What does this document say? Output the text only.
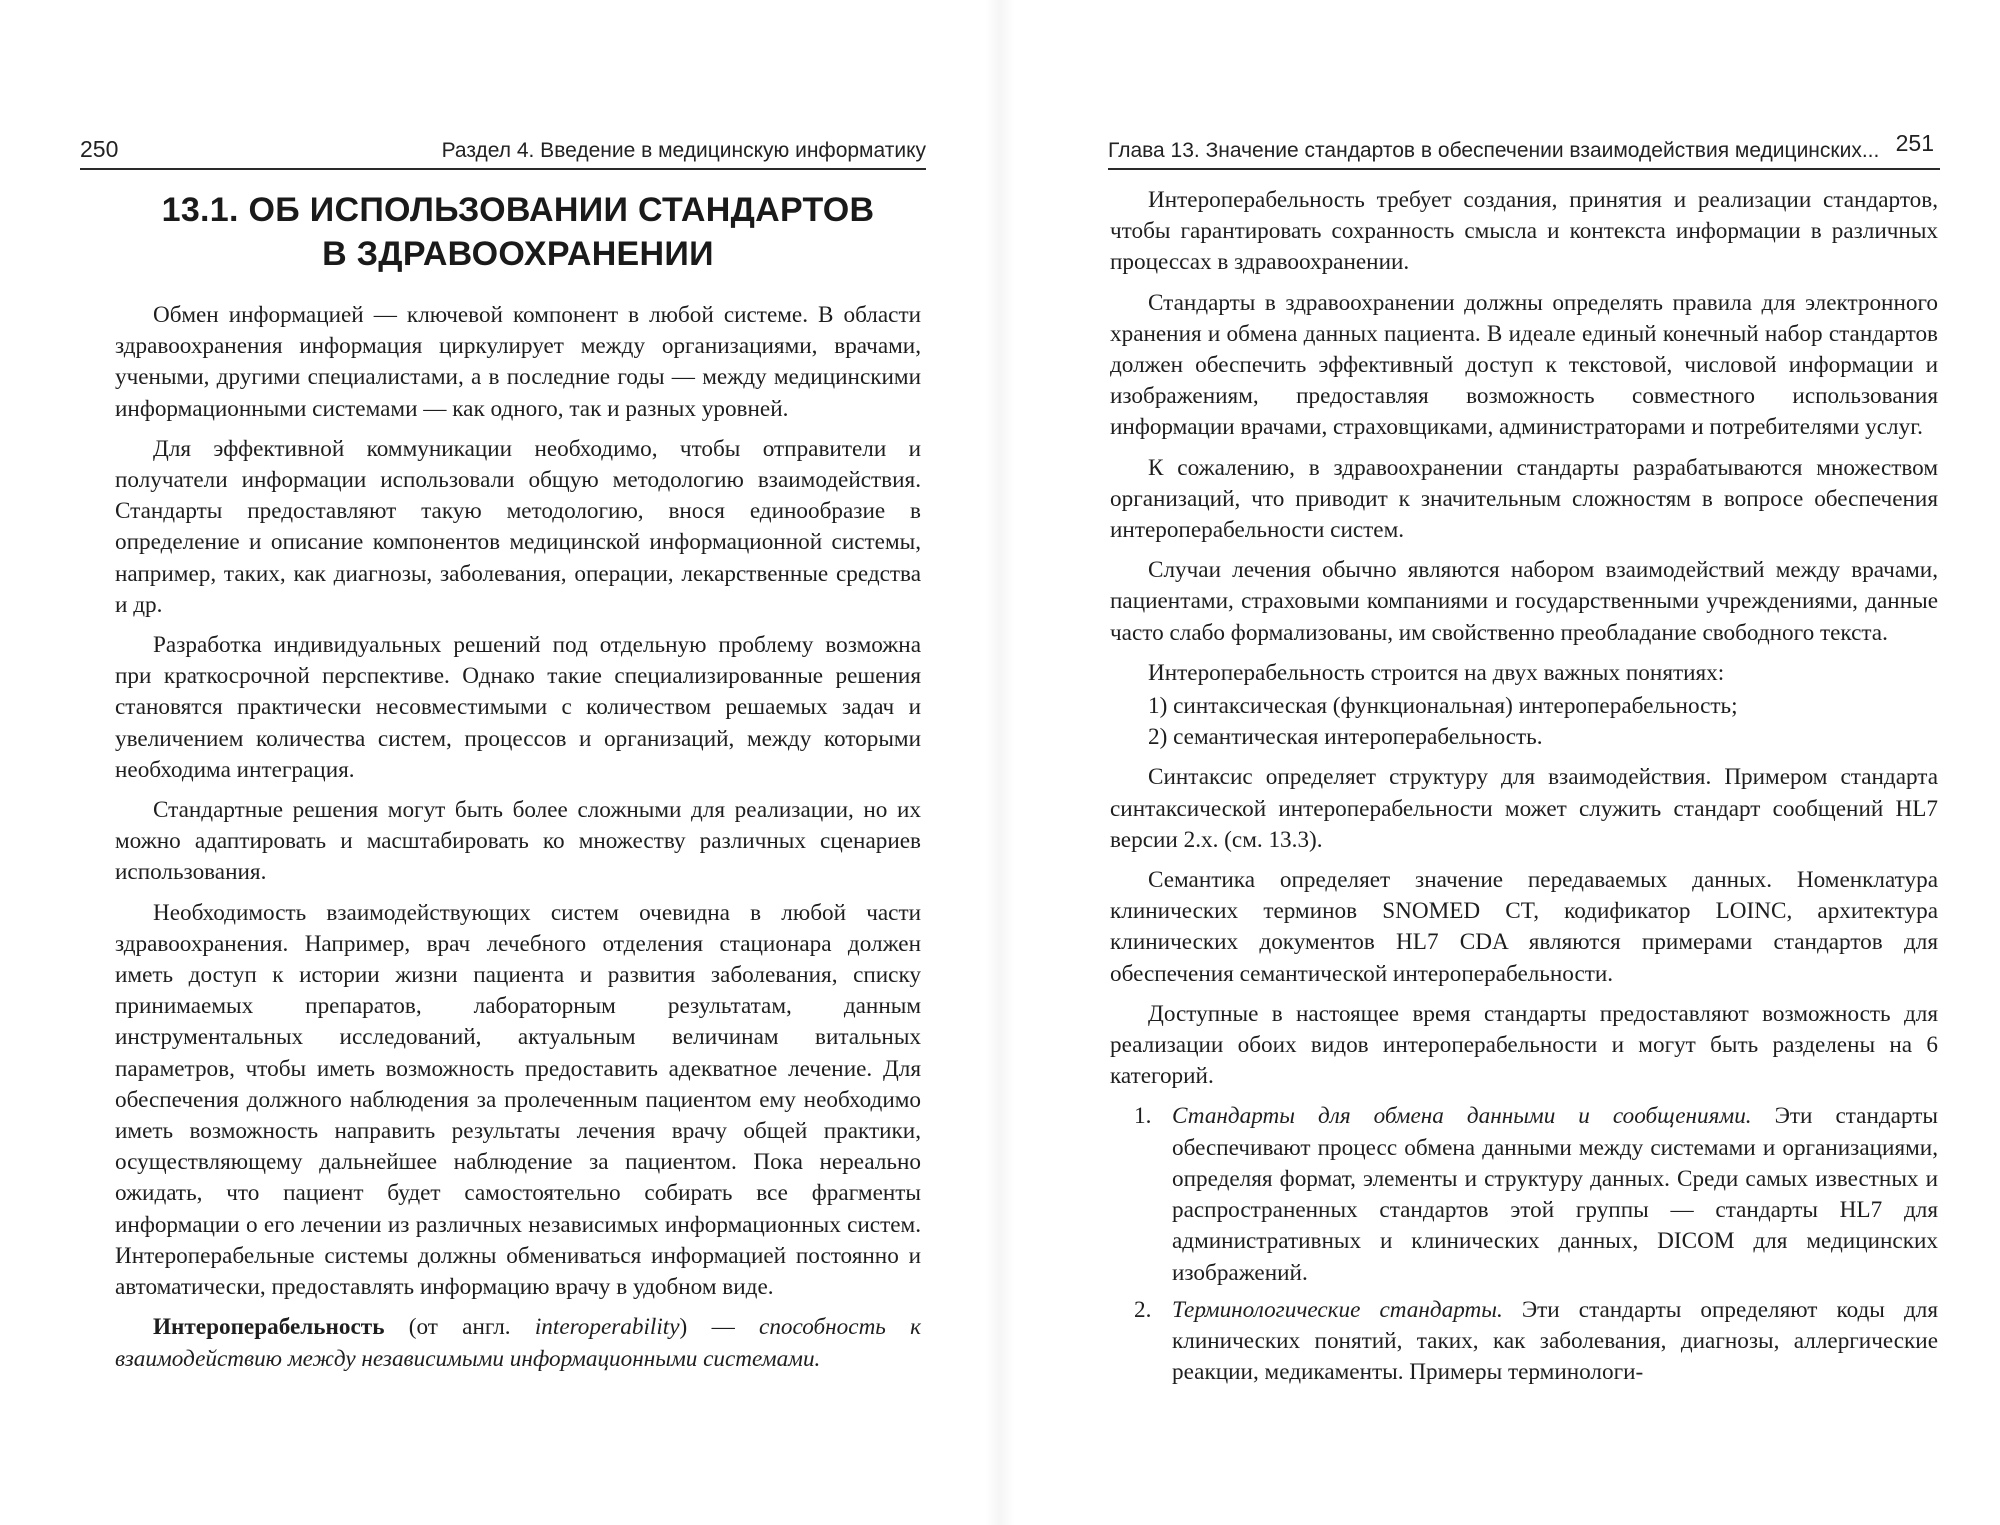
250	Раздел 4. Введение в медицинскую информатику
13.1. ОБ ИСПОЛЬЗОВАНИИ СТАНДАРТОВ
В ЗДРАВООХРАНЕНИИ

Обмен информацией — ключевой компонент в любой системе. В области здравоохранения информация циркулирует между организациями, врачами, учеными, другими специалистами, а в последние годы — между медицинскими информационными системами — как одного, так и разных уровней.

Для эффективной коммуникации необходимо, чтобы отправители и получатели информации использовали общую методологию взаимодействия. Стандарты предоставляют такую методологию, внося единообразие в определение и описание компонентов медицинской информационной системы, например, таких, как диагнозы, заболевания, операции, лекарственные средства и др.

Разработка индивидуальных решений под отдельную проблему возможна при краткосрочной перспективе. Однако такие специализированные решения становятся практически несовместимыми с количеством решаемых задач и увеличением количества систем, процессов и организаций, между которыми необходима интеграция.

Стандартные решения могут быть более сложными для реализации, но их можно адаптировать и масштабировать ко множеству различных сценариев использования.

Необходимость взаимодействующих систем очевидна в любой части здравоохранения. Например, врач лечебного отделения стационара должен иметь доступ к истории жизни пациента и развития заболевания, списку принимаемых препаратов, лабораторным результатам, данным инструментальных исследований, актуальным величинам витальных параметров, чтобы иметь возможность предоставить адекватное лечение. Для обеспечения должного наблюдения за пролеченным пациентом ему необходимо иметь возможность направить результаты лечения врачу общей практики, осуществляющему дальнейшее наблюдение за пациентом. Пока нереально ожидать, что пациент будет самостоятельно собирать все фрагменты информации о его лечении из различных независимых информационных систем. Интероперабельные системы должны обмениваться информацией постоянно и автоматически, предоставлять информацию врачу в удобном виде.

Интероперабельность (от англ. interoperability) — способность к взаимодействию между независимыми информационными системами.

Глава 13. Значение стандартов в обеспечении взаимодействия медицинских... 251

Интероперабельность требует создания, принятия и реализации стандартов, чтобы гарантировать сохранность смысла и контекста информации в различных процессах в здравоохранении.

Стандарты в здравоохранении должны определять правила для электронного хранения и обмена данных пациента. В идеале единый конечный набор стандартов должен обеспечить эффективный доступ к текстовой, числовой информации и изображениям, предоставляя возможность совместного использования информации врачами, страховщиками, администраторами и потребителями услуг.

К сожалению, в здравоохранении стандарты разрабатываются множеством организаций, что приводит к значительным сложностям в вопросе обеспечения интероперабельности систем.

Случаи лечения обычно являются набором взаимодействий между врачами, пациентами, страховыми компаниями и государственными учреждениями, данные часто слабо формализованы, им свойственно преобладание свободного текста.

Интероперабельность строится на двух важных понятиях:

1) синтаксическая (функциональная) интероперабельность;
2) семантическая интероперабельность.

Синтаксис определяет структуру для взаимодействия. Примером стандарта синтаксической интероперабельности может служить стандарт сообщений HL7 версии 2.x. (см. 13.3).

Семантика определяет значение передаваемых данных. Номенклатура клинических терминов SNOMED CT, кодификатор LOINC, архитектура клинических документов HL7 CDA являются примерами стандартов для обеспечения семантической интероперабельности.

Доступные в настоящее время стандарты предоставляют возможность для реализации обоих видов интероперабельности и могут быть разделены на 6 категорий.

1. Стандарты для обмена данными и сообщениями. Эти стандарты обеспечивают процесс обмена данными между системами и организациями, определяя формат, элементы и структуру данных. Среди самых известных и распространенных стандартов этой группы — стандарты HL7 для административных и клинических данных, DICOM для медицинских изображений.
2. Терминологические стандарты. Эти стандарты определяют коды для клинических понятий, таких, как заболевания, диагнозы, аллергические реакции, медикаменты. Примеры терминологи-
